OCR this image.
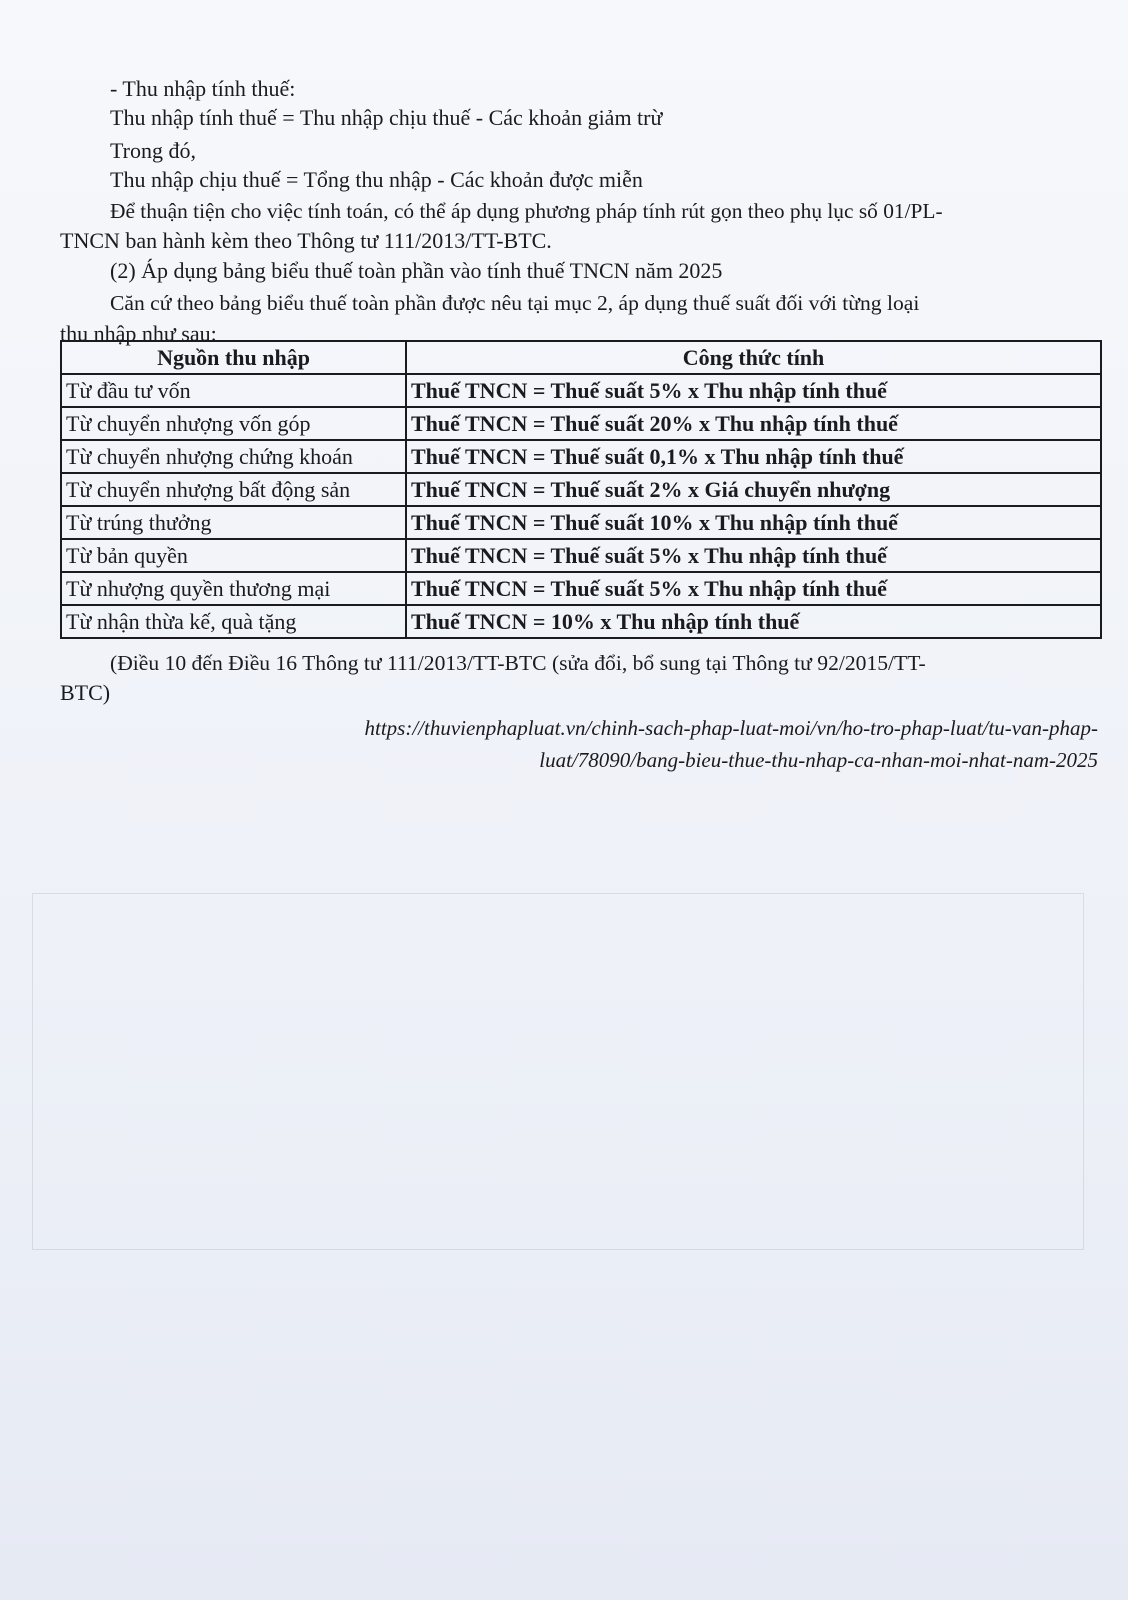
- Thu nhập tính thuế:
Thu nhập tính thuế = Thu nhập chịu thuế - Các khoản giảm trừ
Trong đó,
Thu nhập chịu thuế = Tổng thu nhập - Các khoản được miễn
Để thuận tiện cho việc tính toán, có thể áp dụng phương pháp tính rút gọn theo phụ lục số 01/PL-
TNCN ban hành kèm theo Thông tư 111/2013/TT-BTC.
(2) Áp dụng bảng biểu thuế toàn phần vào tính thuế TNCN năm 2025
Căn cứ theo bảng biểu thuế toàn phần được nêu tại mục 2, áp dụng thuế suất đối với từng loại
thu nhập như sau:
Nguồn thu nhập	Công thức tính
Từ đầu tư vốn	Thuế TNCN = Thuế suất 5% x Thu nhập tính thuế
Từ chuyển nhượng vốn góp	Thuế TNCN = Thuế suất 20% x Thu nhập tính thuế
Từ chuyển nhượng chứng khoán	Thuế TNCN = Thuế suất 0,1% x Thu nhập tính thuế
Từ chuyển nhượng bất động sản	Thuế TNCN = Thuế suất 2% x Giá chuyển nhượng
Từ trúng thưởng	Thuế TNCN = Thuế suất 10% x Thu nhập tính thuế
Từ bản quyền	Thuế TNCN = Thuế suất 5% x Thu nhập tính thuế
Từ nhượng quyền thương mại	Thuế TNCN = Thuế suất 5% x Thu nhập tính thuế
Từ nhận thừa kế, quà tặng	Thuế TNCN = 10% x Thu nhập tính thuế
(Điều 10 đến Điều 16 Thông tư 111/2013/TT-BTC (sửa đổi, bổ sung tại Thông tư 92/2015/TT-
BTC)
https://thuvienphapluat.vn/chinh-sach-phap-luat-moi/vn/ho-tro-phap-luat/tu-van-phap-
luat/78090/bang-bieu-thue-thu-nhap-ca-nhan-moi-nhat-nam-2025
